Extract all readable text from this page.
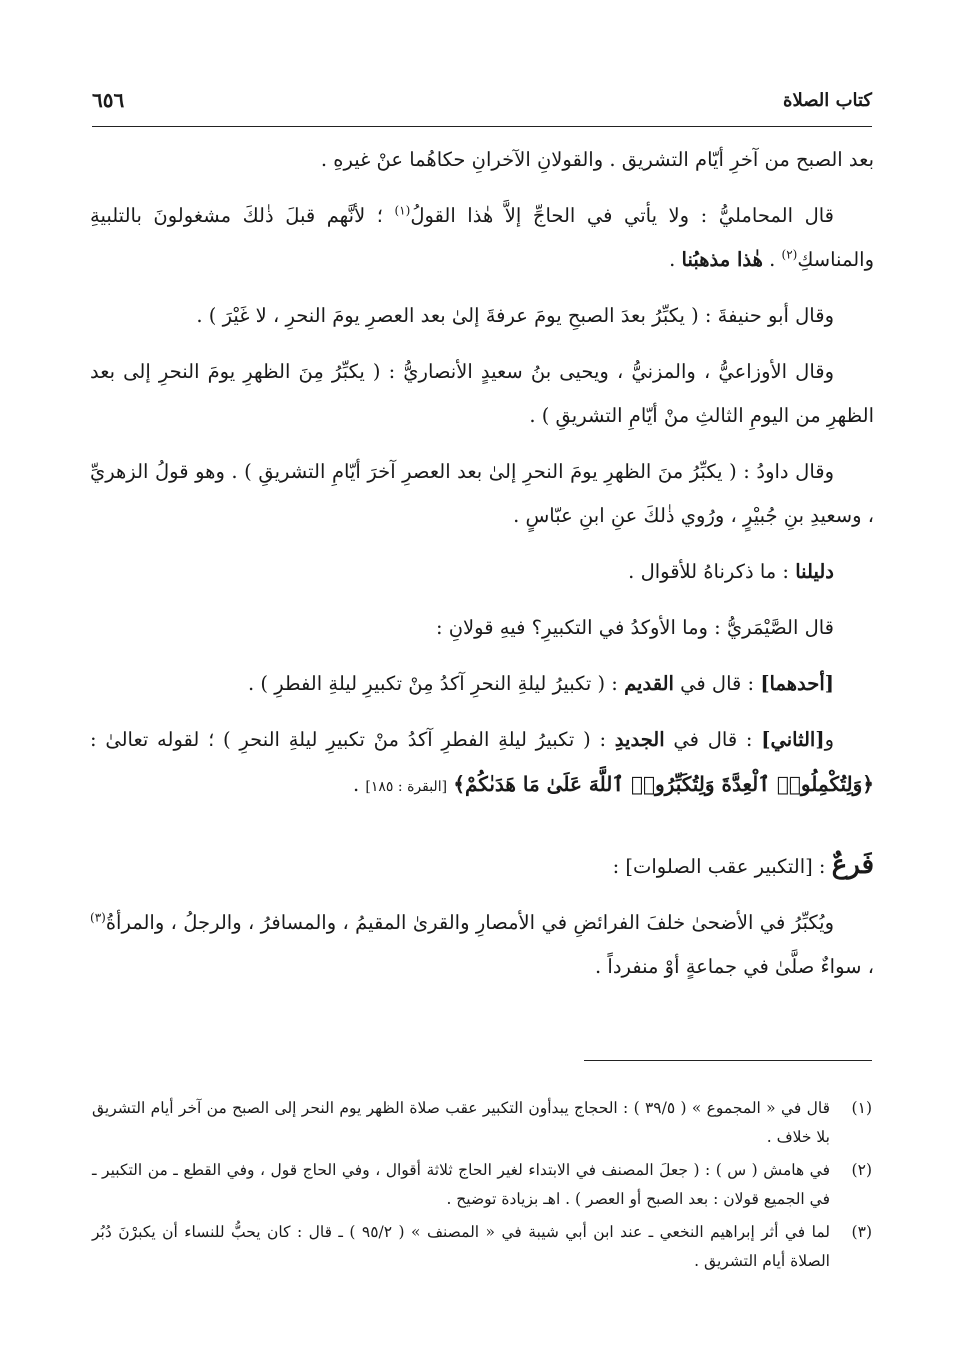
كتاب الصلاة
٦٥٦

بعد الصبح من آخرِ أيّام التشريق . والقولانِ الآخرانِ حكاهُما عنْ غيرهِ .

قال المحامليُّ : ولا يأتي في الحاجِّ إلاَّ هٰذا القولُ$^{(١)}$ ؛ لأنَّهم قبلَ ذٰلكَ مشغولونَ بالتلبيةِ والمناسكِ$^{(٢)}$ . هٰذا مذهبُنا .

وقال أبو حنيفةَ : ( يكبِّرُ بعدَ الصبحِ يومَ عرفةَ إلىٰ بعد العصرِ يومَ النحرِ ، لا غَيْرَ ) .

وقال الأوزاعيُّ ، والمزنيُّ ، ويحيى بنُ سعيدٍ الأنصاريُّ : ( يكبِّرُ مِنَ الظهرِ يومَ النحرِ إلى بعد الظهرِ من اليومِ الثالثِ منْ أيّامِ التشريقِ ) .

وقال داودُ : ( يكبِّرُ منَ الظهرِ يومَ النحرِ إلىٰ بعد العصرِ آخرَ أيّامِ التشريقِ ) . وهو قولُ الزهريِّ ، وسعيدِ بنِ جُبيْرٍ ، ورُوي ذٰلكَ عنِ ابنِ عبّاسٍ .

دليلنا : ما ذكرناهُ للأقوال .

قال الصَّيْمَريُّ : وما الأوكدُ في التكبيرِ؟ فيهِ قولانِ :

[أحدهما] : قال في القديم : ( تكبيرُ ليلةِ النحرِ آكدُ مِنْ تكبيرِ ليلةِ الفطرِ ) .

و[الثاني] : قال في الجديدِ : ( تكبيرُ ليلةِ الفطرِ آكدُ منْ تكبيرِ ليلةِ النحرِ ) ؛ لقوله تعالىٰ : ﴿وَلِتُكْمِلُوا۟ ٱلْعِدَّةَ وَلِتُكَبِّرُوا۟ ٱللَّهَ عَلَىٰ مَا هَدَىٰكُمْ﴾ [البقرة : ١٨٥] .

فَرعٌ : [التكبير عقب الصلوات] :

ويُكبِّرُ في الأضحىٰ خلفَ الفرائضِ في الأمصارِ والقرىٰ المقيمُ ، والمسافرُ ، والرجلُ ، والمرأةُ$^{(٣)}$ ، سواءٌ صلَّىٰ في جماعةٍ أوْ منفرداً .

(١)
قال في « المجموع » ( ٣٩/٥ ) : الحجاج يبدأون التكبير عقب صلاة الظهر يوم النحر إلى الصبح من آخر أيام التشريق بلا خلاف .
(٢)
في هامش ( س ) : ( جعلَ المصنف في الابتداء لغير الحاج ثلاثة أقوال ، وفي الحاج قول ، وفي القطع ـ من التكبير ـ في الجميع قولان : بعد الصبح أو العصر ) . اهـ بزيادة توضيح .
(٣)
لما في أثر إبراهيم النخعي ـ عند ابن أبي شيبة في « المصنف » ( ٩٥/٢ ) ـ قال : كان يحبُّ للنساء أن يكبرْنَ دُبُر الصلاة أيام التشريق .
